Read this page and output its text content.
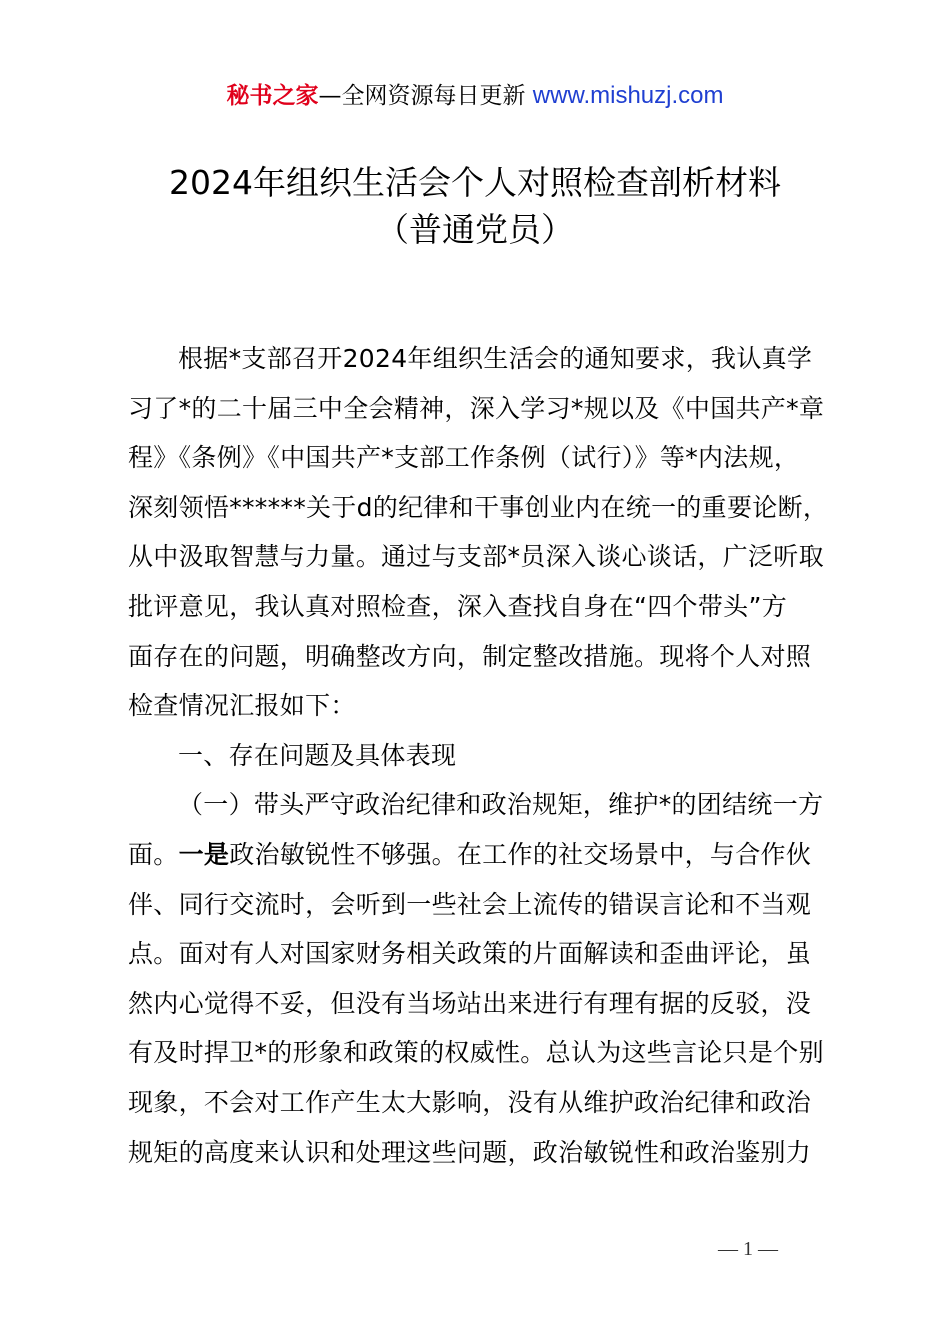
秘书之家—全网资源每日更新 www.mishuzj.com
2024年组织生活会个人对照检查剖析材料
（普通党员）
根据*支部召开2024年组织生活会的通知要求，我认真学
习了*的二十届三中全会精神，深入学习*规以及《中国共产*章
程》《条例》《中国共产*支部工作条例（试行）》等*内法规，
深刻领悟******关于d的纪律和干事创业内在统一的重要论断，
从中汲取智慧与力量。通过与支部*员深入谈心谈话，广泛听取
批评意见，我认真对照检查，深入查找自身在“四个带头”方
面存在的问题，明确整改方向，制定整改措施。现将个人对照
检查情况汇报如下：
一、存在问题及具体表现
（一）带头严守政治纪律和政治规矩，维护*的团结统一方
面。一是政治敏锐性不够强。在工作的社交场景中，与合作伙
伴、同行交流时，会听到一些社会上流传的错误言论和不当观
点。面对有人对国家财务相关政策的片面解读和歪曲评论，虽
然内心觉得不妥，但没有当场站出来进行有理有据的反驳，没
有及时捍卫*的形象和政策的权威性。总认为这些言论只是个别
现象，不会对工作产生太大影响，没有从维护政治纪律和政治
规矩的高度来认识和处理这些问题，政治敏锐性和政治鉴别力
— 1 —
